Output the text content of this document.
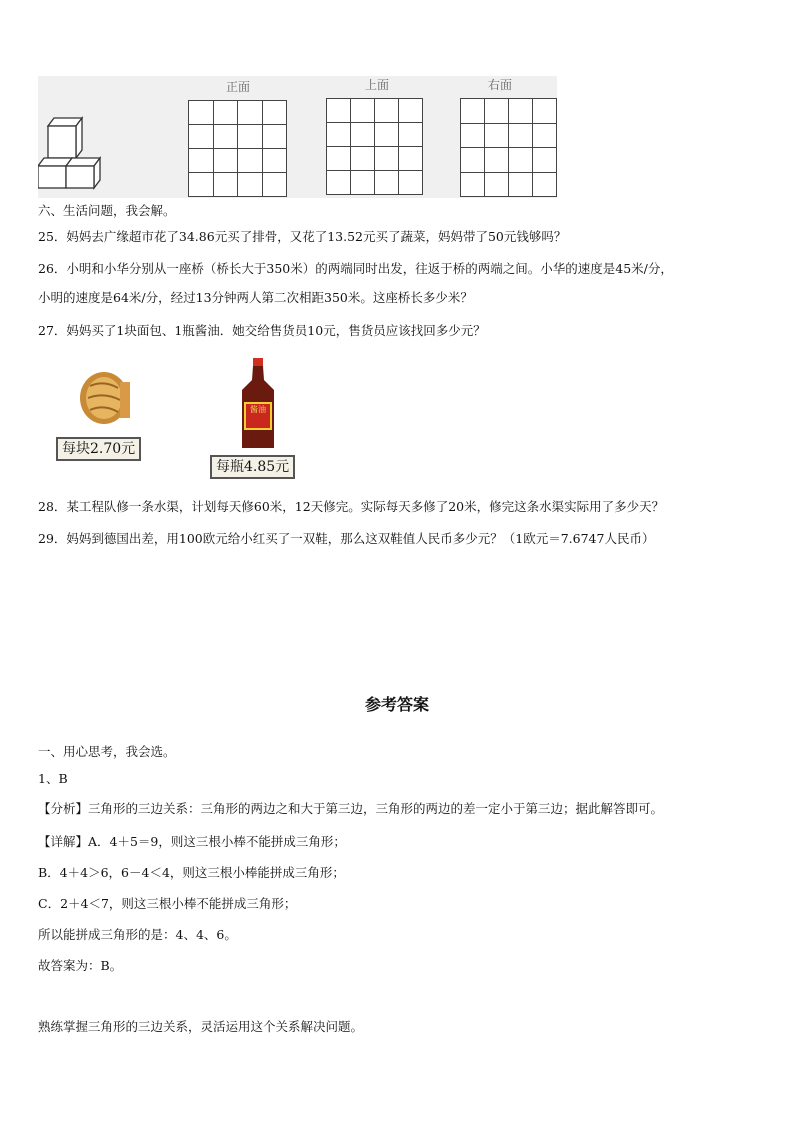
正面	上面	右面
六、生活问题，我会解。
25．妈妈去广缘超市花了34.86元买了排骨，又花了13.52元买了蔬菜，妈妈带了50元钱够吗？
26．小明和小华分别从一座桥（桥长大于350米）的两端同时出发，往返于桥的两端之间。小华的速度是45米/分，
小明的速度是64米/分，经过13分钟两人第二次相距350米。这座桥长多少米？
27．妈妈买了1块面包、1瓶酱油．她交给售货员10元，售货员应该找回多少元？
每块2.70元
酱油
每瓶4.85元
28．某工程队修一条水渠，计划每天修60米，12天修完。实际每天多修了20米，修完这条水渠实际用了多少天？
29．妈妈到德国出差，用100欧元给小红买了一双鞋，那么这双鞋值人民币多少元？（1欧元＝7.6747人民币）
参考答案
一、用心思考，我会选。
1、B
【分析】三角形的三边关系：三角形的两边之和大于第三边，三角形的两边的差一定小于第三边；据此解答即可。
【详解】A．4＋5＝9，则这三根小棒不能拼成三角形；
B．4＋4＞6，6－4＜4，则这三根小棒能拼成三角形；
C．2＋4＜7，则这三根小棒不能拼成三角形；
所以能拼成三角形的是：4、4、6。
故答案为：B。
熟练掌握三角形的三边关系，灵活运用这个关系解决问题。
